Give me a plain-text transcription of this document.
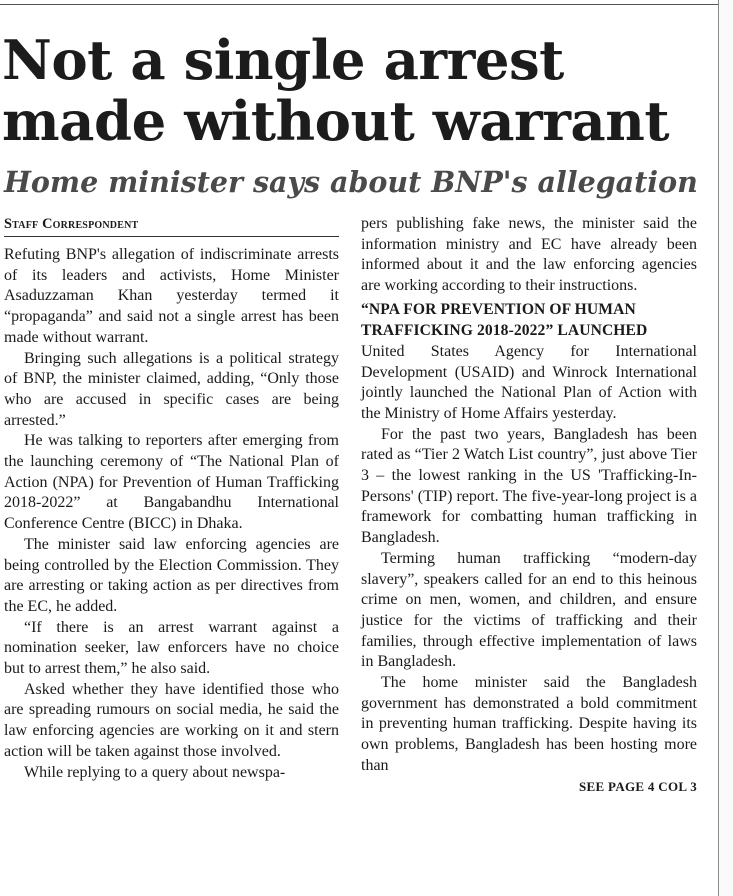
Not a single arrest made without warrant
Home minister says about BNP's allegation
Staff Correspondent

Refuting BNP's allegation of indiscriminate arrests of its leaders and activists, Home Minister Asaduzzaman Khan yesterday termed it “propaganda” and said not a single arrest has been made without warrant.

Bringing such allegations is a political strategy of BNP, the minister claimed, adding, “Only those who are accused in specific cases are being arrested.”

He was talking to reporters after emerging from the launching ceremony of “The National Plan of Action (NPA) for Prevention of Human Trafficking 2018-2022” at Bangabandhu International Conference Centre (BICC) in Dhaka.

The minister said law enforcing agencies are being controlled by the Election Commission. They are arresting or taking action as per directives from the EC, he added.

“If there is an arrest warrant against a nomination seeker, law enforcers have no choice but to arrest them,” he also said.

Asked whether they have identified those who are spreading rumours on social media, he said the law enforcing agencies are working on it and stern action will be taken against those involved.

While replying to a query about newspa-

pers publishing fake news, the minister said the information ministry and EC have already been informed about it and the law enforcing agencies are working according to their instructions.

“NPA FOR PREVENTION OF HUMAN TRAFFICKING 2018-2022” LAUNCHED

United States Agency for International Development (USAID) and Winrock International jointly launched the National Plan of Action with the Ministry of Home Affairs yesterday.

For the past two years, Bangladesh has been rated as “Tier 2 Watch List country”, just above Tier 3 – the lowest ranking in the US 'Trafficking-In-Persons' (TIP) report. The five-year-long project is a framework for combatting human trafficking in Bangladesh.

Terming human trafficking “modern-day slavery”, speakers called for an end to this heinous crime on men, women, and children, and ensure justice for the victims of trafficking and their families, through effective implementation of laws in Bangladesh.

The home minister said the Bangladesh government has demonstrated a bold commitment in preventing human trafficking. Despite having its own problems, Bangladesh has been hosting more than

SEE PAGE 4 COL 3
